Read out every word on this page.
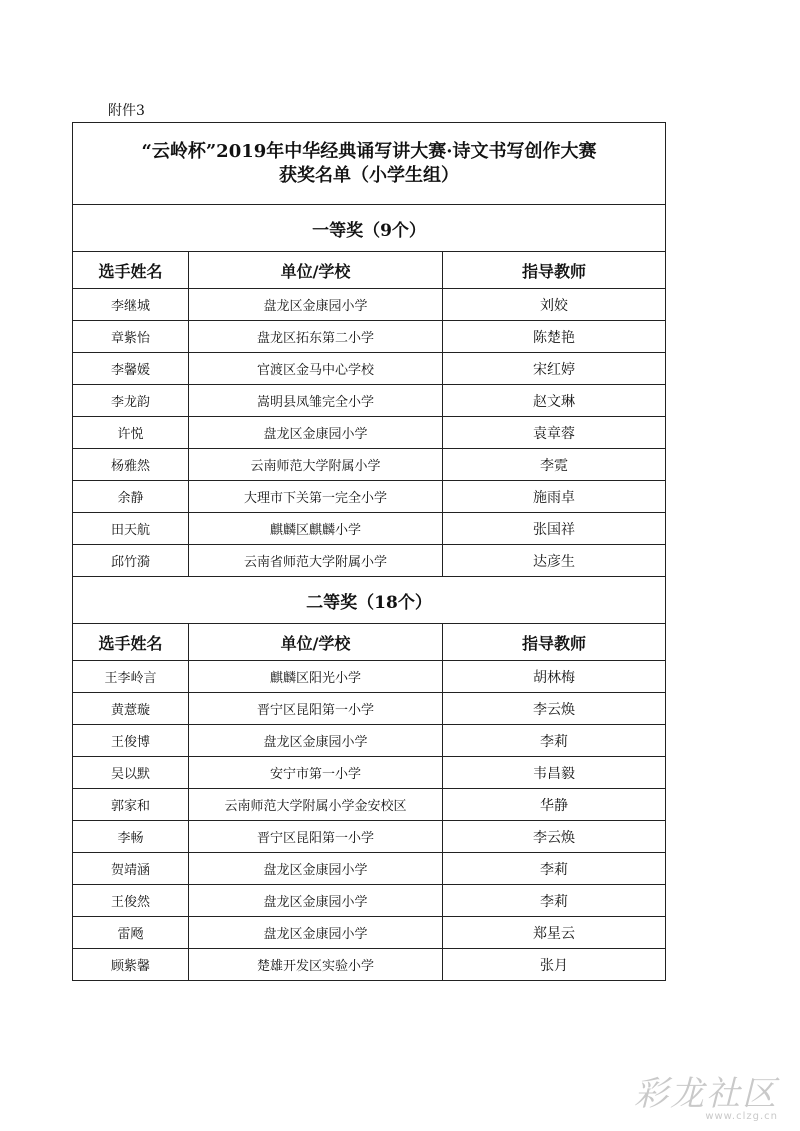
附件3
“云岭杯”2019年中华经典诵写讲大赛·诗文书写创作大赛
获奖名单（小学生组）		

一等奖（9个）		
选手姓名	单位/学校	指导教师
李继城	盘龙区金康园小学	刘姣
章紫怡	盘龙区拓东第二小学	陈楚艳
李馨媛	官渡区金马中心学校	宋红婷
李龙韵	嵩明县凤雏完全小学	赵文琳
许悦	盘龙区金康园小学	袁章蓉
杨雅然	云南师范大学附属小学	李霓
余静	大理市下关第一完全小学	施雨卓
田天航	麒麟区麒麟小学	张国祥
邱竹漪	云南省师范大学附属小学	达彦生
二等奖（18个）		
选手姓名	单位/学校	指导教师
王李岭言	麒麟区阳光小学	胡林梅
黄薏璇	晋宁区昆阳第一小学	李云焕
王俊博	盘龙区金康园小学	李莉
吴以默	安宁市第一小学	韦昌毅
郭家和	云南师范大学附属小学金安校区	华静
李畅	晋宁区昆阳第一小学	李云焕
贺靖涵	盘龙区金康园小学	李莉
王俊然	盘龙区金康园小学	李莉
雷飏	盘龙区金康园小学	郑星云
顾紫馨	楚雄开发区实验小学	张月
彩龙社区
www.clzg.cn
